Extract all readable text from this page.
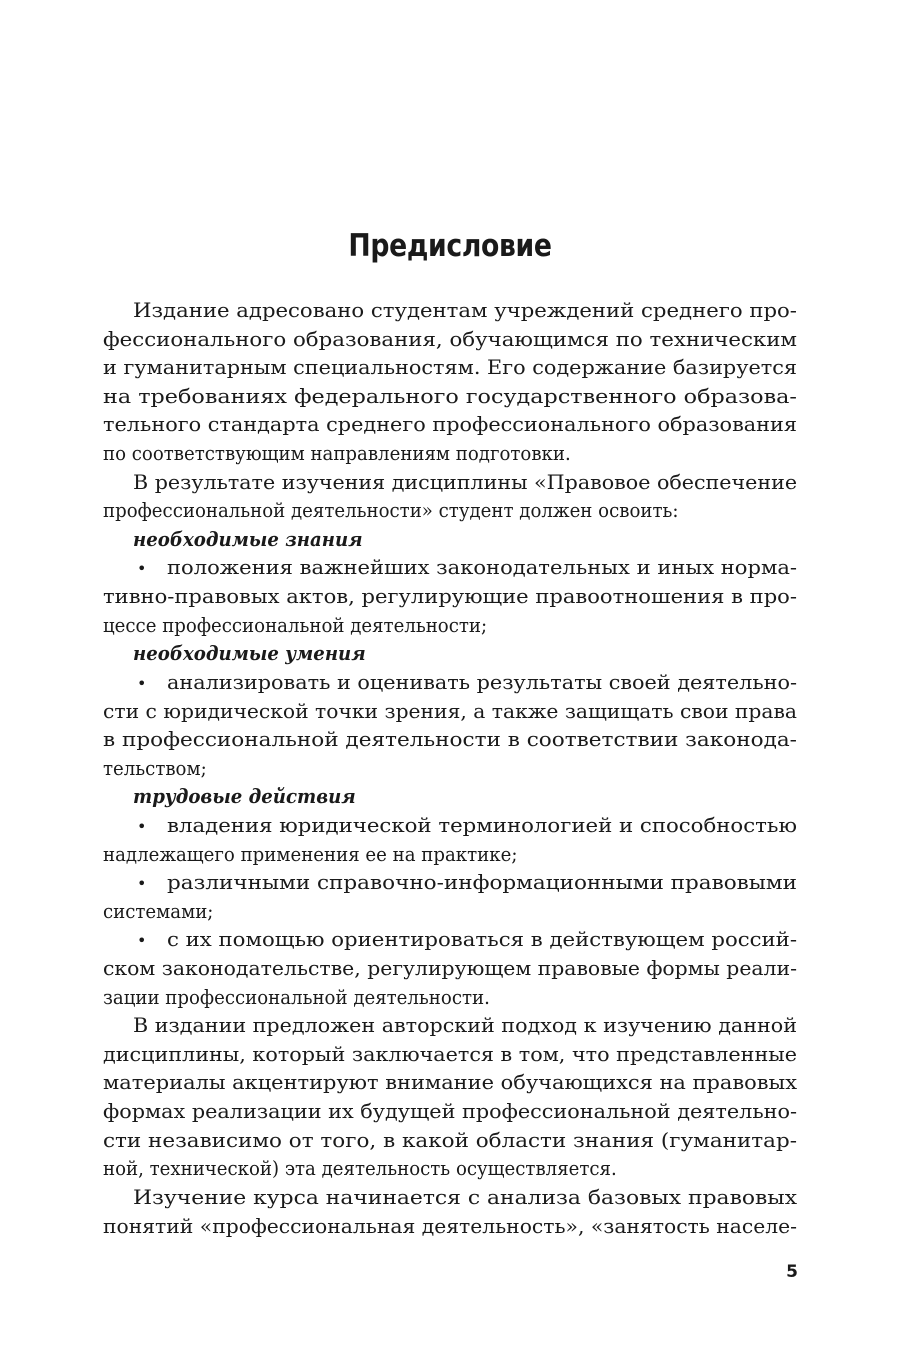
Предисловие
Издание адресовано студентам учреждений среднего про-
фессионального образования, обучающимся по техническим
и гуманитарным специальностям. Его содержание базируется
на требованиях федерального государственного образова-
тельного стандарта среднего профессионального образования
по соответствующим направлениям подготовки.
В результате изучения дисциплины «Правовое обеспечение
профессиональной деятельности» студент должен освоить:
необходимые знания
• положения важнейших законодательных и иных норма-
тивно-правовых актов, регулирующие правоотношения в про-
цессе профессиональной деятельности;
необходимые умения
• анализировать и оценивать результаты своей деятельно-
сти с юридической точки зрения, а также защищать свои права
в профессиональной деятельности в соответствии законода-
тельством;
трудовые действия
• владения юридической терминологией и способностью
надлежащего применения ее на практике;
• различными справочно-информационными правовыми
системами;
• с их помощью ориентироваться в действующем россий-
ском законодательстве, регулирующем правовые формы реали-
зации профессиональной деятельности.
В издании предложен авторский подход к изучению данной
дисциплины, который заключается в том, что представленные
материалы акцентируют внимание обучающихся на правовых
формах реализации их будущей профессиональной деятельно-
сти независимо от того, в какой области знания (гуманитар-
ной, технической) эта деятельность осуществляется.
Изучение курса начинается с анализа базовых правовых
понятий «профессиональная деятельность», «занятость населе-
5
